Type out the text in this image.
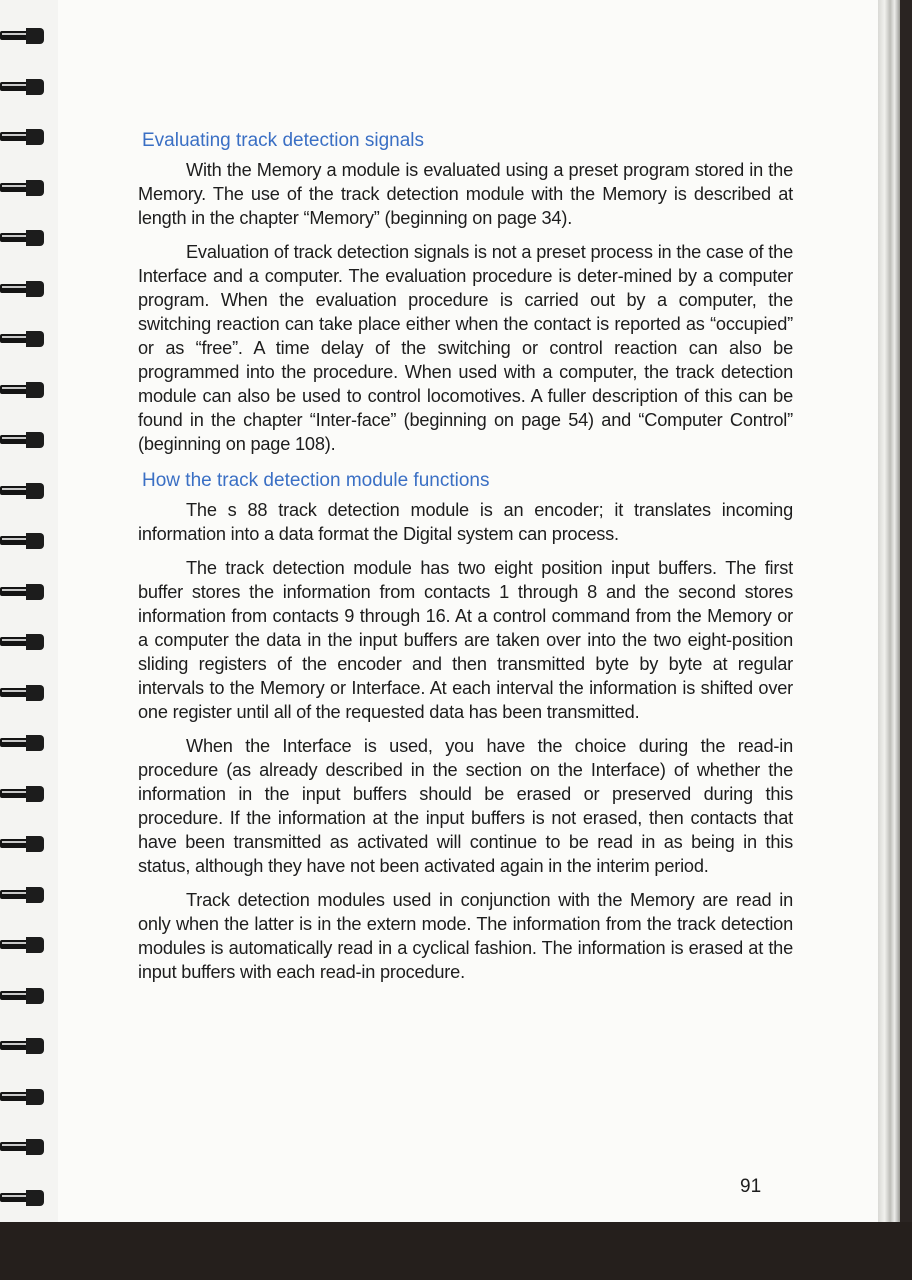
Evaluating track detection signals

With the Memory a module is evaluated using a preset program stored in the Memory. The use of the track detection module with the Memory is described at length in the chapter “Memory” (beginning on page 34).

Evaluation of track detection signals is not a preset process in the case of the Interface and a computer. The evaluation procedure is deter-mined by a computer program. When the evaluation procedure is carried out by a computer, the switching reaction can take place either when the contact is reported as “occupied” or as “free”. A time delay of the switching or control reaction can also be programmed into the procedure. When used with a computer, the track detection module can also be used to control locomotives. A fuller description of this can be found in the chapter “Inter-face” (beginning on page 54) and “Computer Control” (beginning on page 108).

How the track detection module functions

The s 88 track detection module is an encoder; it translates incoming information into a data format the Digital system can process.

The track detection module has two eight position input buffers. The first buffer stores the information from contacts 1 through 8 and the second stores information from contacts 9 through 16. At a control command from the Memory or a computer the data in the input buffers are taken over into the two eight-position sliding registers of the encoder and then transmitted byte by byte at regular intervals to the Memory or Interface. At each interval the information is shifted over one register until all of the requested data has been transmitted.

When the Interface is used, you have the choice during the read-in procedure (as already described in the section on the Interface) of whether the information in the input buffers should be erased or preserved during this procedure. If the information at the input buffers is not erased, then contacts that have been transmitted as activated will continue to be read in as being in this status, although they have not been activated again in the interim period.

Track detection modules used in conjunction with the Memory are read in only when the latter is in the extern mode. The information from the track detection modules is automatically read in a cyclical fashion. The information is erased at the input buffers with each read-in procedure.

91
